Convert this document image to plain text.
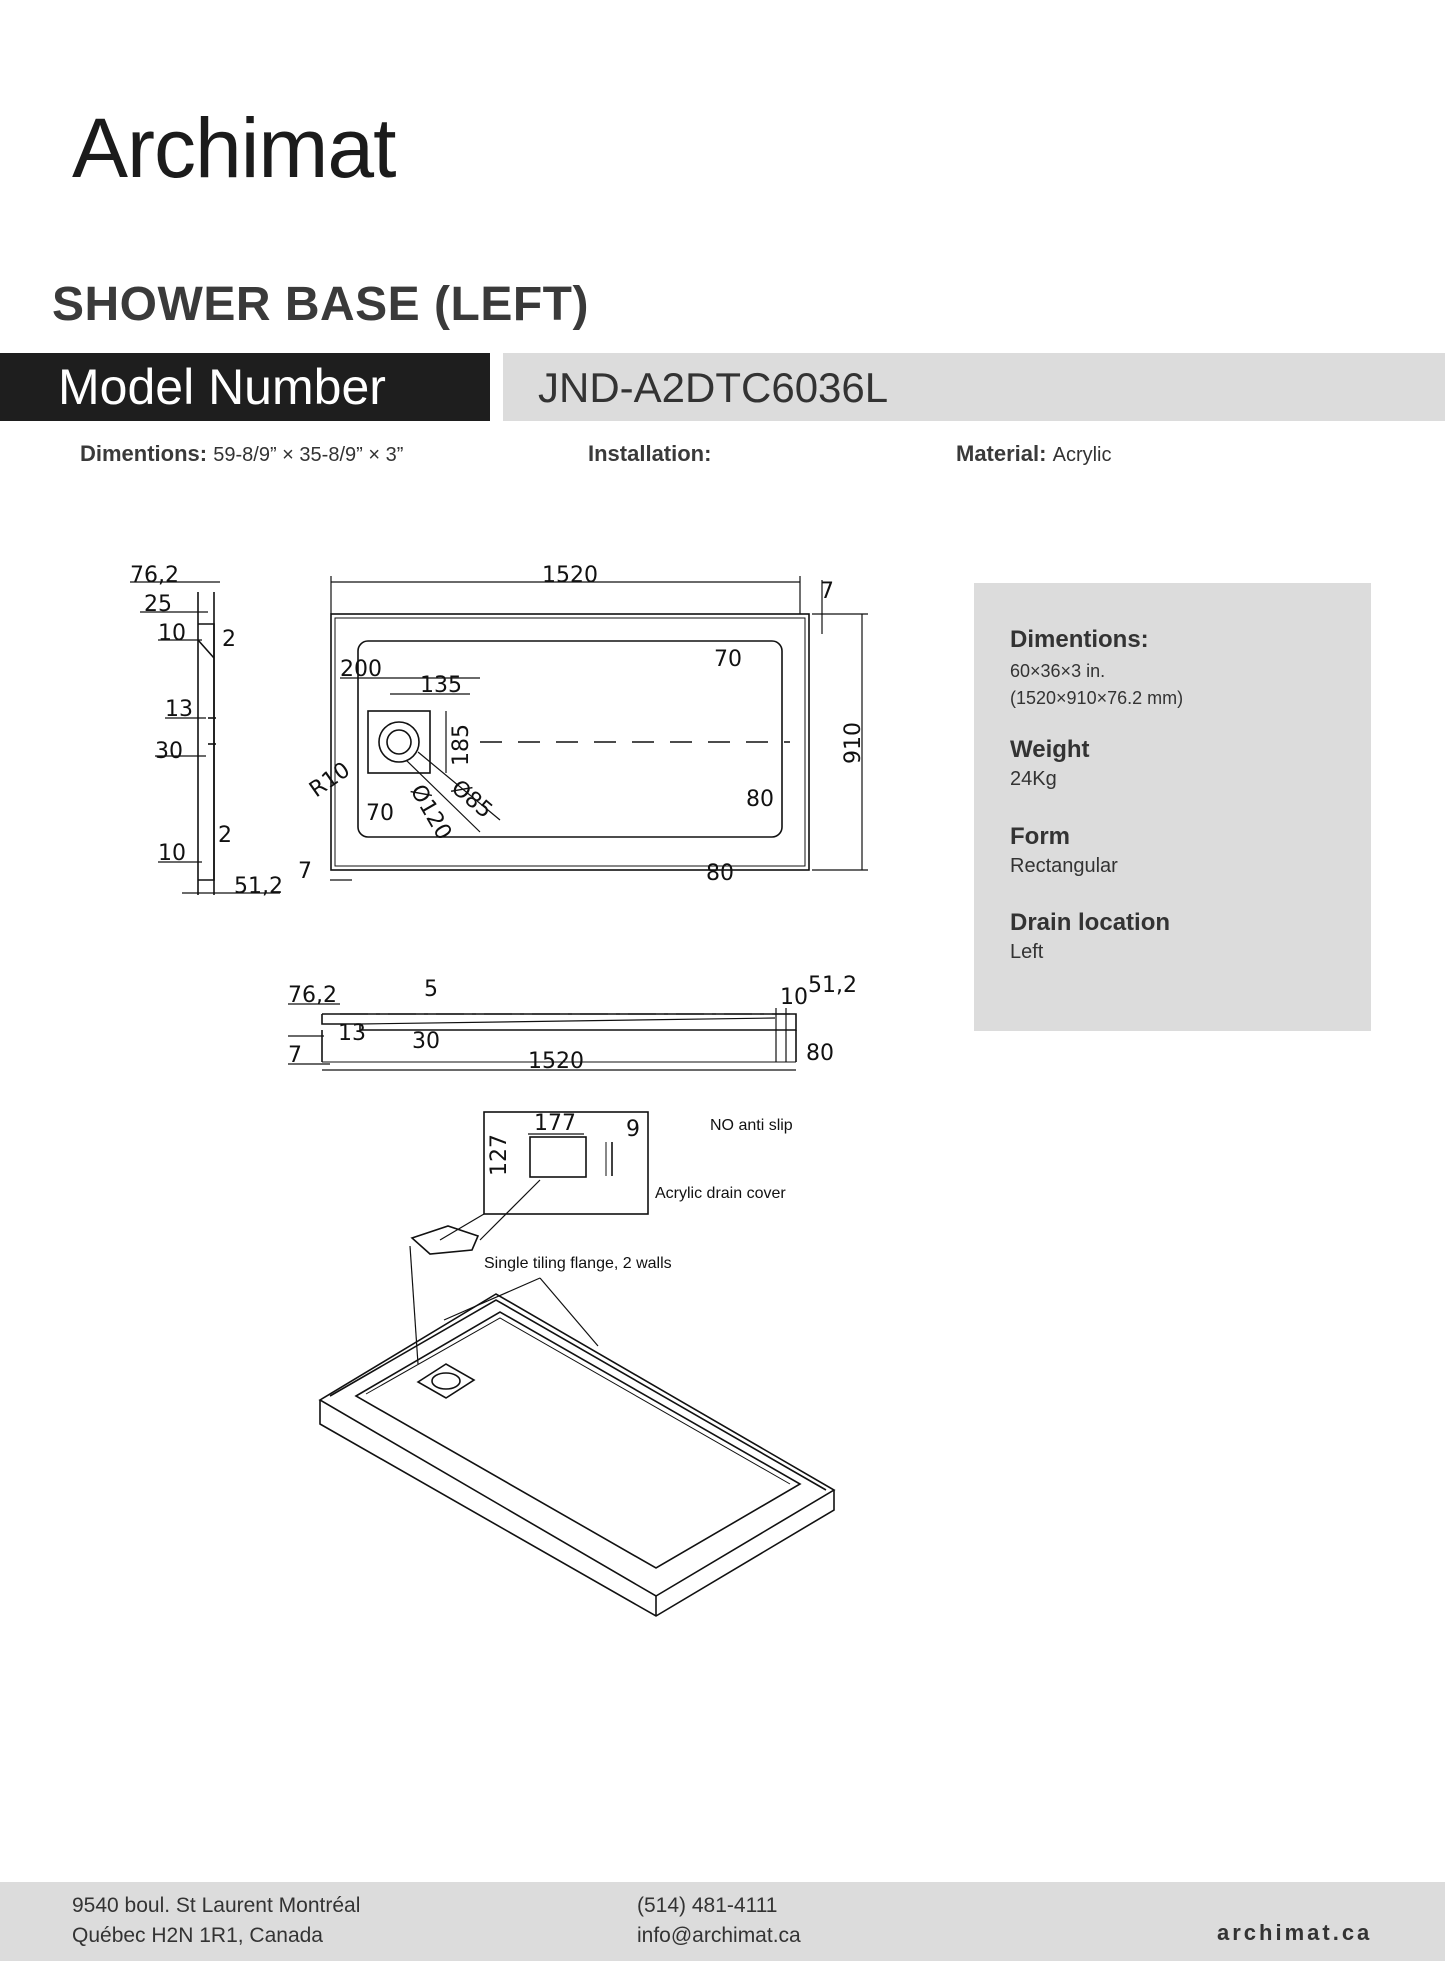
Archimat
SHOWER BASE (LEFT)
Model Number	JND-A2DTC6036L
Dimentions: 59-8/9” × 35-8/9” × 3”	Installation:	Material: Acrylic
76,2
25
10 2
13
30
2
10
51,2
1520
7
200
135
70
185	910
R10
70 Ø120
Ø85	80
80
7
76,2	5	10 51,2
13 30
7	1520	80
177 9
127
NO anti slip
Acrylic drain cover
Single tiling flange, 2 walls
Dimentions:
60×36×3 in.
(1520×910×76.2 mm)
Weight
24Kg
Form
Rectangular
Drain location
Left
9540 boul. St Laurent Montréal
Québec H2N 1R1, Canada
(514) 481-4111
info@archimat.ca	archimat.ca
